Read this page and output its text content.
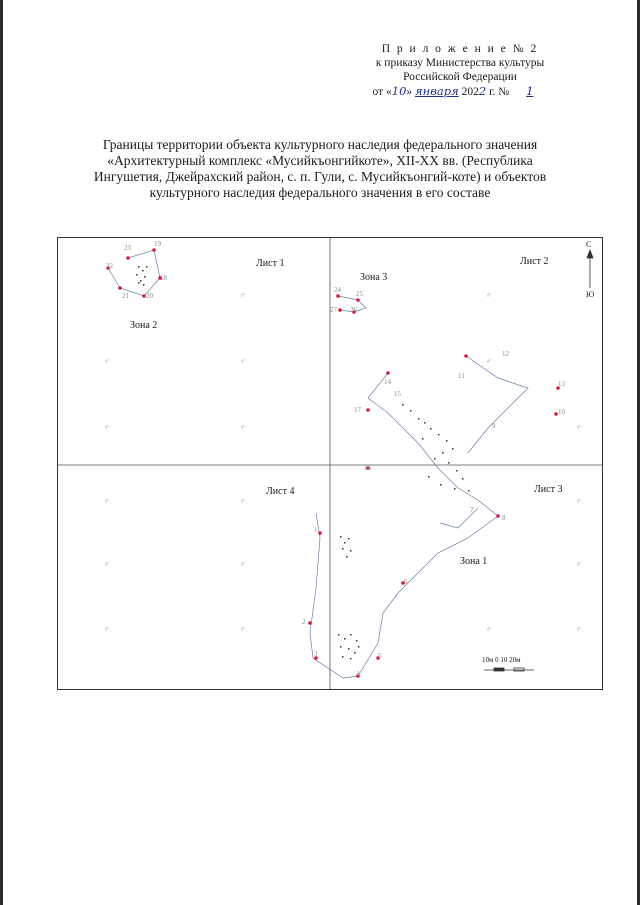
П р и л о ж е н и е № 2
к приказу Министерства культуры
Российской Федерации
от «10» января 2022 г. № 1
Границы территории объекта культурного наследия федерального значения
«Архитектурный комплекс «Мусийкъонгийкоте», XII-XX вв. (Республика
Ингушетия, Джейрахский район, с. п. Гули, с. Мусийкъонгий-коте) и объектов
культурного наследия федерального значения в его составе
23	19
22
18
21 20
24 25
27 26
14
15
11
12
13
10
9
8
7
6
5
4
3
2
1
16
17
Лист 1	Лист 2
Лист 3
Лист 4
Зона 1
Зона 2
Зона 3
С
Ю
10м 0 10 20м
